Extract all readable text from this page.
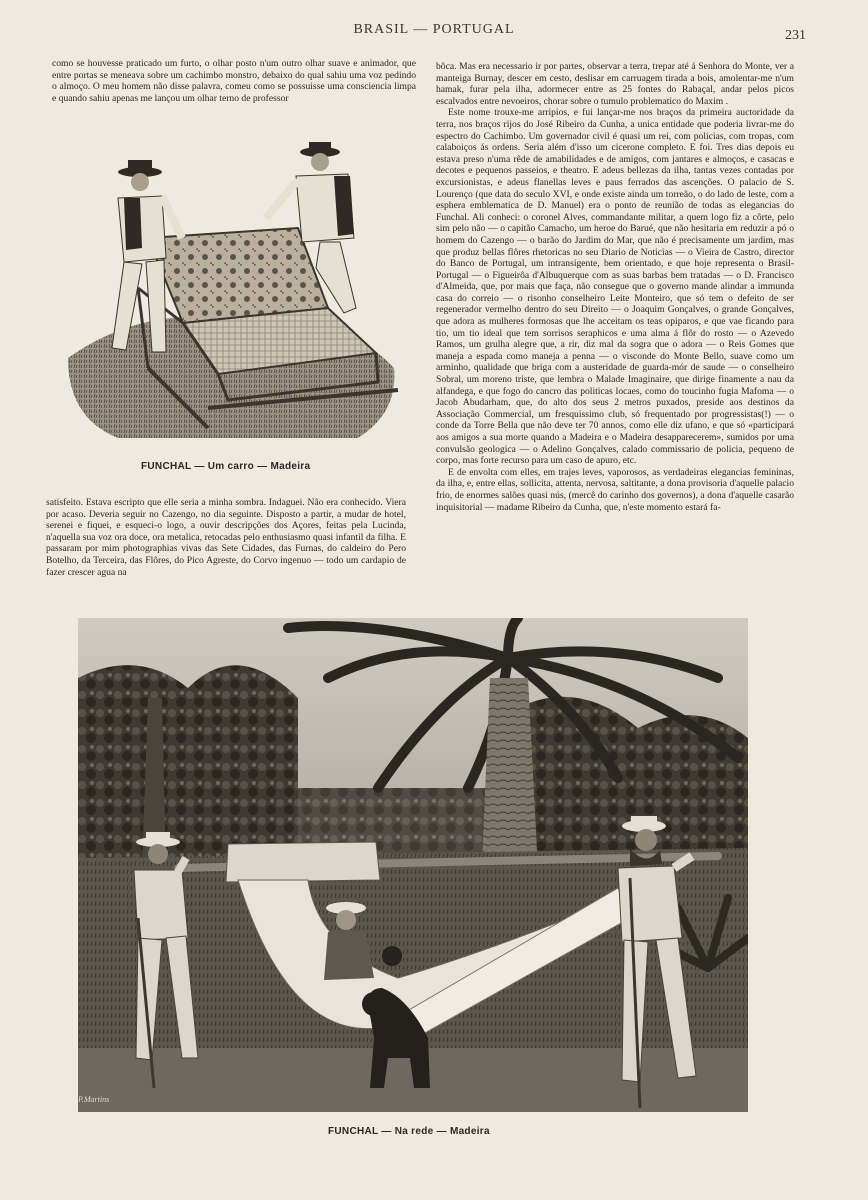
BRASIL — PORTUGAL	231

como se houvesse praticado um furto, o olhar posto n'um outro olhar suave e animador, que entre portas se meneava sobre um cachimbo monstro, debaixo do qual sahiu uma voz pedindo o almoço. O meu homem não disse palavra, comeu como se possuisse uma consciencia limpa e quando sahiu apenas me lançou um olhar terno de professor

FUNCHAL — Um carro — Madeira

satisfeito. Estava escripto que elle seria a minha sombra. Indaguei. Não era conhecido. Viera por acaso. Deveria seguir no Cazengo, no dia seguinte. Disposto a partir, a mudar de hotel, serenei e fiquei, e esqueci-o logo, a ouvir descripções dos Açores, feitas pela Lucinda, n'aquella sua voz ora doce, ora metalica, retocadas pelo enthusiasmo quasi infantil da filha. E passaram por mim photographias vivas das Sete Cidades, das Furnas, do caldeiro do Pero Botelho, da Terceira, das Flôres, do Pico Agreste, do Corvo ingenuo — todo um cardapio de fazer crescer agua na

bôca. Mas era necessario ir por partes, observar a terra, trepar até á Senhora do Monte, ver a manteiga Burnay, descer em cesto, deslisar em carruagem tirada a bois, amolentar-me n'um hamak, furar pela ilha, adormecer entre as 25 fontes do Rabaçal, andar pelos picos escalvados entre nevoeiros, chorar sobre o tumulo problematico do Maxim .

Este nome trouxe-me arripios, e fui lançar-me nos braços da primeira auctoridade da terra, nos braços rijos do José Ribeiro da Cunha, a unica entidade que poderia livrar-me do espectro do Cachimbo. Um governador civil é quasi um rei, com policias, com tropas, com calaboiços ás ordens. Seria além d'isso um cicerone completo. E foi. Tres dias depois eu estava preso n'uma rêde de amabilidades e de amigos, com jantares e almoços, e casacas e decotes e pequenos passeios, e theatro. E adeus bellezas da ilha, tantas vezes contadas por excursionistas, e adeus flanellas leves e paus ferrados das ascenções. O palacio de S. Lourenço (que data do seculo XVI, e onde existe ainda um torreão, o do lado de leste, com a esphera emblematica de D. Manuel) era o ponto de reunião de todas as elegancias do Funchal. Ali conheci: o coronel Alves, commandante militar, a quem logo fiz a côrte, pelo sim pelo não — o capitão Camacho, um heroe do Barué, que não hesitaria em reduzir a pó o homem do Cazengo — o barão do Jardim do Mar, que não é precisamente um jardim, mas que produz bellas flôres rhetoricas no seu Diario de Noticias — o Vieira de Castro, director do Banco de Portugal, um intransigente, bem orientado, e que hoje representa o Brasil-Portugal — o Figueirôa d'Albuquerque com as suas barbas bem tratadas — o D. Francisco d'Almeida, que, por mais que faça, não consegue que o governo mande alindar a immunda casa do correio — o risonho conselheiro Leite Monteiro, que só tem o defeito de ser regenerador vermelho dentro do seu Direito — o Joaquim Gonçalves, o grande Gonçalves, que adora as mulheres formosas que lhe acceitam os teas opiparos, e que vae ficando para tio, um tio ideal que tem sorrisos seraphicos e uma alma á flôr do rosto — o Azevedo Ramos, um grulha alegre que, a rir, diz mal da sogra que o adora — o Reis Gomes que maneja a espada como maneja a penna — o visconde do Monte Bello, suave como um arminho, qualidade que briga com a austeridade de guarda-mór de saude — o conselheiro Sobral, um moreno triste, que lembra o Malade Imaginaire, que dirige finamente a nau da alfandega, e que fogo do cancro das politicas locaes, como do toucinho fugia Mafoma — o Jacob Abudarham, que, do alto dos seus 2 metros puxados, preside aos destinos da Associação Commercial, um fresquissimo club, só frequentado por progressistas(!) — o conde da Torre Bella que não deve ter 70 annos, como elle diz ufano, e que só «participará aos amigos a sua morte quando a Madeira e o Madeira desapparecerem», sumidos por uma convulsão geologica — o Adelino Gonçalves, calado commissario de policia, pequeno de corpo, mas forte recurso para um caso de apuro, etc.

E de envolta com elles, em trajes leves, vaporosos, as verdadeiras elegancias femininas, da ilha, e, entre ellas, sollicita, attenta, nervosa, saltitante, a dona provisoria d'aquelle palacio frio, de enormes salões quasi nús, (mercê do carinho dos governos), a dona d'aquelle casarão inquisitorial — madame Ribeiro da Cunha, que, n'este momento estará fa-

P.Martins
FUNCHAL — Na rede — Madeira
